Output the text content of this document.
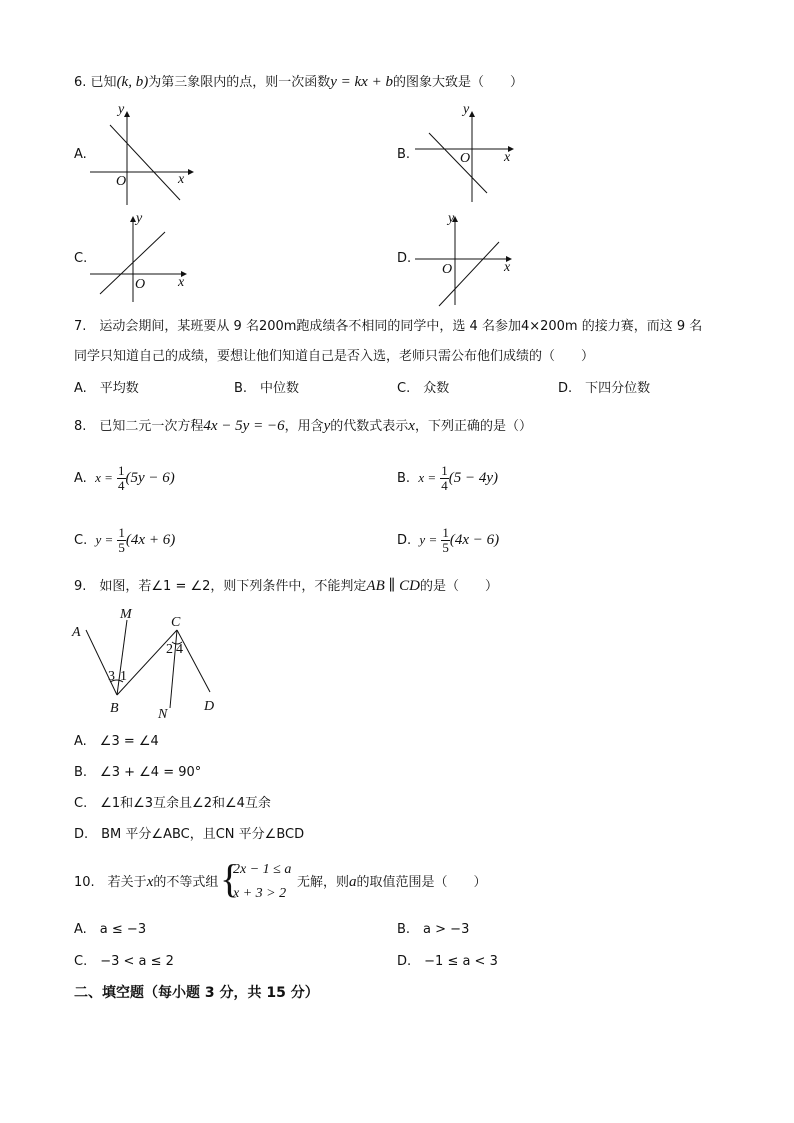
6. 已知(k, b)为第三象限内的点，则一次函数y = kx + b的图象大致是（　　）
A.
y
x
O
B.
y
x
O
C.
y
x
O
D.
y
x
O
7.　运动会期间，某班要从 9 名200m跑成绩各不相同的同学中，选 4 名参加4×200m 的接力赛，而这 9 名
同学只知道自己的成绩，要想让他们知道自己是否入选，老师只需公布他们成绩的（　　）
A.　平均数	B.　中位数	C.　众数	D.　下四分位数
8.　已知二元一次方程4x − 5y = −6，用含y的代数式表示x，下列正确的是（）
A. $x = \frac{1}{4} (5y - 6)$	B. $x = \frac{1}{4} (5 - 4y)$
C. $y = \frac{1}{5} (4x + 6)$	D. $y = \frac{1}{5} (4x - 6)$
9.　如图，若∠1 = ∠2，则下列条件中，不能判定AB ∥ CD的是（　　）
A
M
C
B	N
D
3 1
2 4
A.　∠3 = ∠4
B.　∠3 + ∠4 = 90°
C.　∠1和∠3互余且∠2和∠4互余
D.　BM 平分∠ABC，且CN 平分∠BCD
10.　若关于x的不等式组 {
2x − 1 ≤ a
x + 3 > 2
无解，则a的取值范围是（　　）
A.　a ≤ −3	B.　a > −3
C.　−3 < a ≤ 2	D.　−1 ≤ a < 3
二、填空题（每小题 3 分，共 15 分）
